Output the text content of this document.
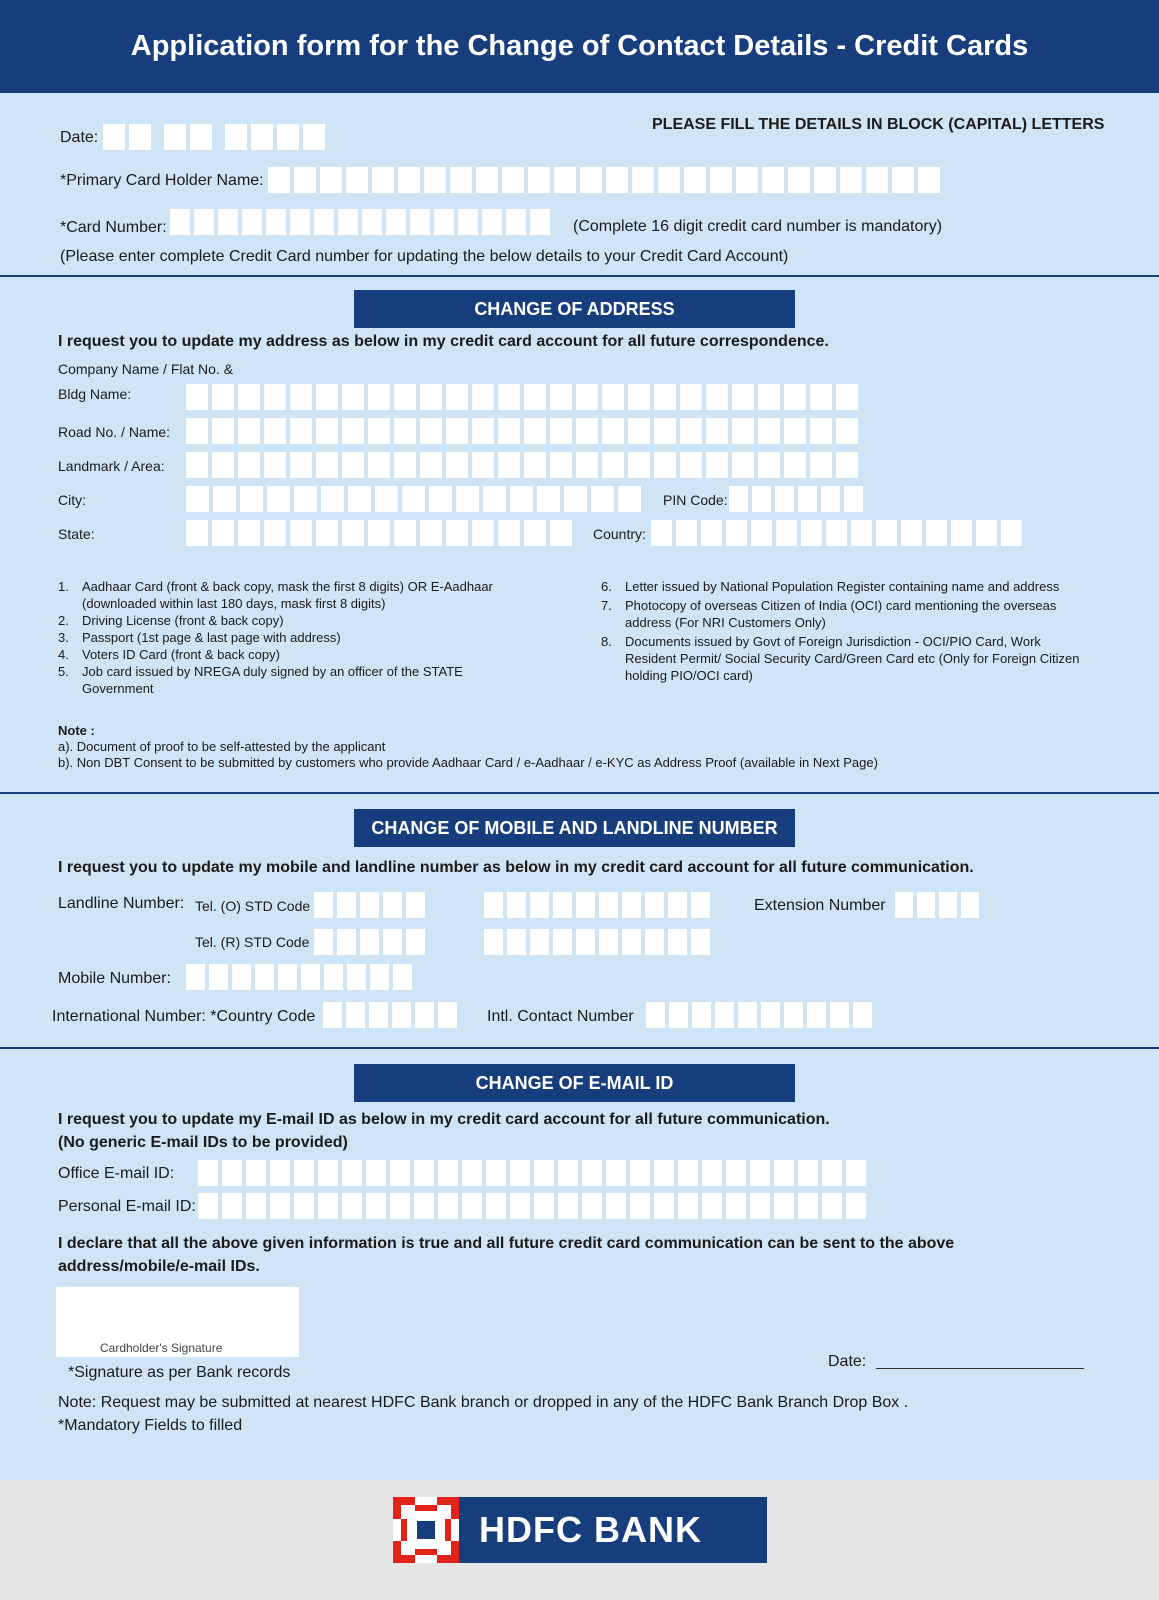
Application form for the Change of Contact Details - Credit Cards
PLEASE FILL THE DETAILS IN BLOCK (CAPITAL) LETTERS
Date:
*Primary Card Holder Name:
*Card Number:	(Complete 16 digit credit card number is mandatory)
(Please enter complete Credit Card number for updating the below details to your Credit Card Account)
CHANGE OF ADDRESS
I request you to update my address as below in my credit card account for all future correspondence.
Company Name / Flat No. &
Bldg Name:
Road No. / Name:
Landmark / Area:
City:	PIN Code:
State:	Country:
1. Aadhaar Card (front & back copy, mask the first 8 digits) OR E-Aadhaar (downloaded within last 180 days, mask first 8 digits)
2. Driving License (front & back copy)
3. Passport (1st page & last page with address)
4. Voters ID Card (front & back copy)
5. Job card issued by NREGA duly signed by an officer of the STATE Government
6. Letter issued by National Population Register containing name and address
7. Photocopy of overseas Citizen of India (OCI) card mentioning the overseas address (For NRI Customers Only)
8. Documents issued by Govt of Foreign Jurisdiction - OCI/PIO Card, Work Resident Permit/ Social Security Card/Green Card etc (Only for Foreign Citizen holding PIO/OCI card)
Note :
a). Document of proof to be self-attested by the applicant
b). Non DBT Consent to be submitted by customers who provide Aadhaar Card / e-Aadhaar / e-KYC as Address Proof (available in Next Page)
CHANGE OF MOBILE AND LANDLINE NUMBER
I request you to update my mobile and landline number as below in my credit card account for all future communication.
Landline Number: Tel. (O) STD Code	Extension Number
Tel. (R) STD Code
Mobile Number:
International Number: *Country Code	Intl. Contact Number
CHANGE OF E-MAIL ID
I request you to update my E-mail ID as below in my credit card account for all future communication.
(No generic E-mail IDs to be provided)
Office E-mail ID:
Personal E-mail ID:
I declare that all the above given information is true and all future credit card communication can be sent to the above
address/mobile/e-mail IDs.
Cardholder's Signature
*Signature as per Bank records
Date:
Note: Request may be submitted at nearest HDFC Bank branch or dropped in any of the HDFC Bank Branch Drop Box .
*Mandatory Fields to filled
HDFC BANK
